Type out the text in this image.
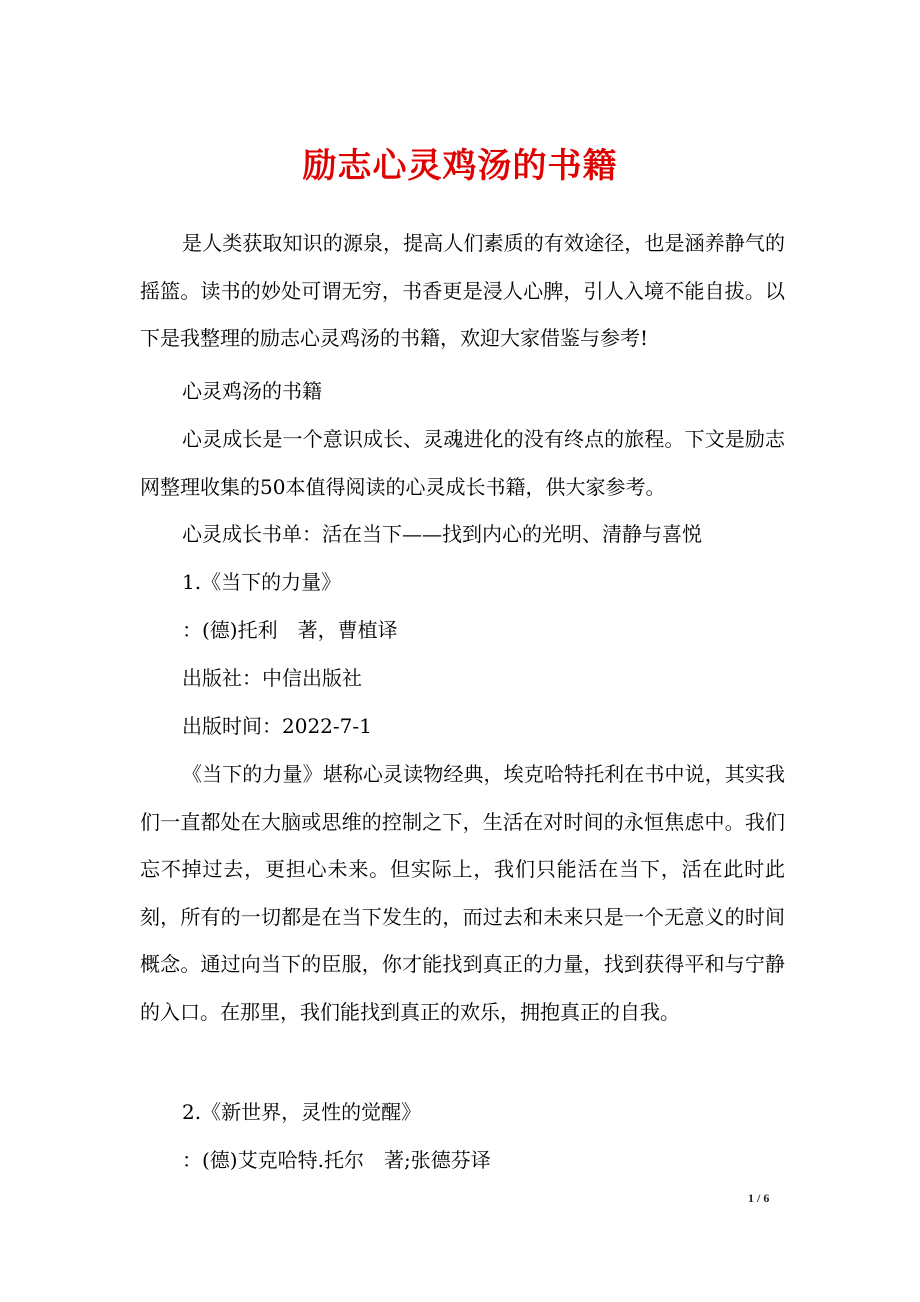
励志心灵鸡汤的书籍

是人类获取知识的源泉，提高人们素质的有效途径，也是涵养静气的摇篮。读书的妙处可谓无穷，书香更是浸人心脾，引人入境不能自拔。以下是我整理的励志心灵鸡汤的书籍，欢迎大家借鉴与参考!

心灵鸡汤的书籍

心灵成长是一个意识成长、灵魂进化的没有终点的旅程。下文是励志网整理收集的50本值得阅读的心灵成长书籍，供大家参考。

心灵成长书单：活在当下——找到内心的光明、清静与喜悦

1.《当下的力量》

：(德)托利　著，曹植译

出版社：中信出版社

出版时间：2022-7-1

《当下的力量》堪称心灵读物经典，埃克哈特托利在书中说，其实我们一直都处在大脑或思维的控制之下，生活在对时间的永恒焦虑中。我们忘不掉过去，更担心未来。但实际上，我们只能活在当下，活在此时此刻，所有的一切都是在当下发生的，而过去和未来只是一个无意义的时间概念。通过向当下的臣服，你才能找到真正的力量，找到获得平和与宁静的入口。在那里，我们能找到真正的欢乐，拥抱真正的自我。

2.《新世界，灵性的觉醒》

：(德)艾克哈特.托尔　著;张德芬译

1 / 6
